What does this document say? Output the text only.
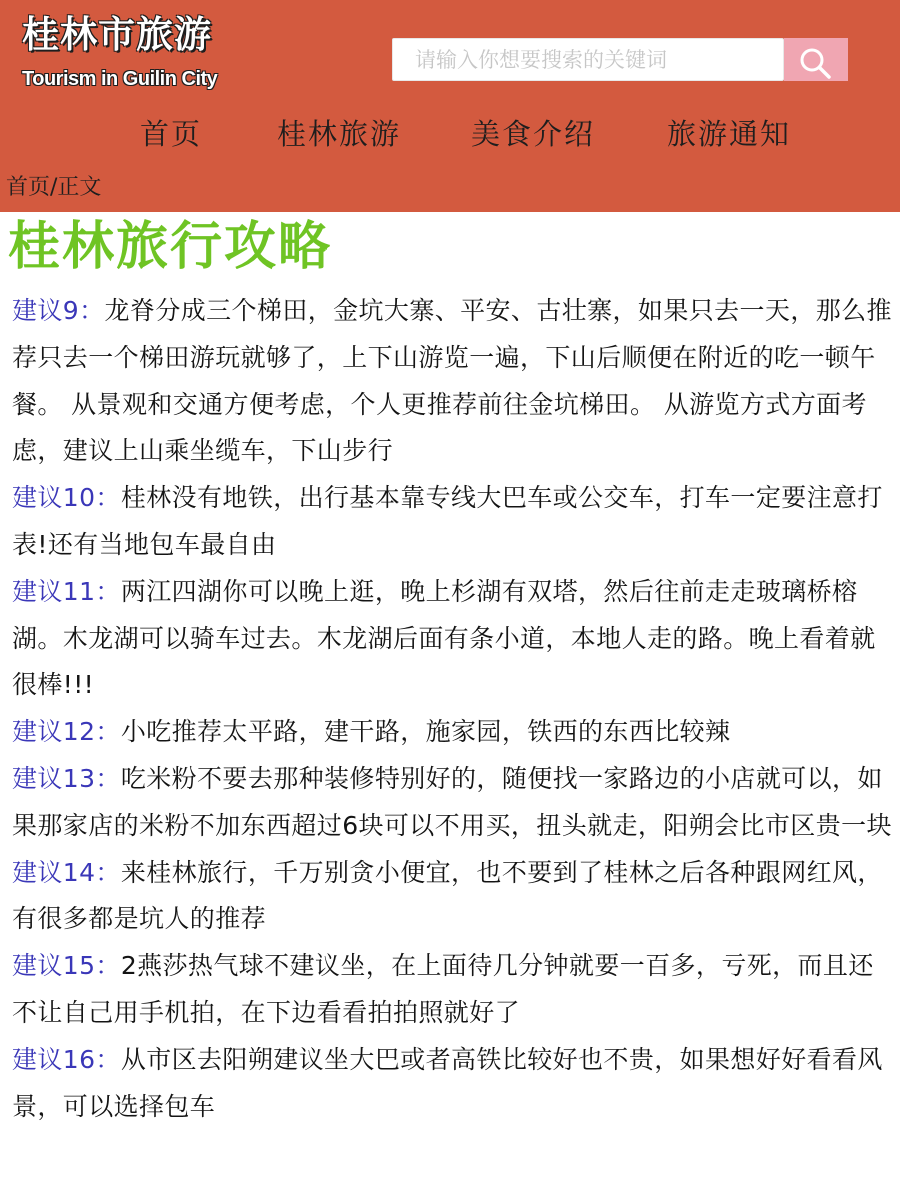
桂林市旅游
Tourism in Guilin City
请输入你想要搜索的关键词
首页	桂林旅游 美食介绍 旅游通知
首页/正文
桂林旅行攻略

建议9：龙脊分成三个梯田，金坑大寨、平安、古壮寨，如果只去一天，那么推荐只去一个梯田游玩就够了，上下山游览一遍，下山后顺便在附近的吃一顿午餐。 从景观和交通方便考虑，个人更推荐前往金坑梯田。 从游览方式方面考虑，建议上山乘坐缆车，下山步行

建议10：桂林没有地铁，出行基本靠专线大巴车或公交车，打车一定要注意打表!还有当地包车最自由

建议11：两江四湖你可以晚上逛，晚上杉湖有双塔，然后往前走走玻璃桥榕湖。木龙湖可以骑车过去。木龙湖后面有条小道，本地人走的路。晚上看着就很棒!!!

建议12：小吃推荐太平路，建干路，施家园，铁西的东西比较辣

建议13：吃米粉不要去那种装修特别好的，随便找一家路边的小店就可以，如果那家店的米粉不加东西超过6块可以不用买，扭头就走，阳朔会比市区贵一块

建议14：来桂林旅行，千万别贪小便宜，也不要到了桂林之后各种跟网红风，有很多都是坑人的推荐

建议15：2燕莎热气球不建议坐，在上面待几分钟就要一百多，亏死，而且还不让自己用手机拍，在下边看看拍拍照就好了

建议16：从市区去阳朔建议坐大巴或者高铁比较好也不贵，如果想好好看看风景，可以选择包车
